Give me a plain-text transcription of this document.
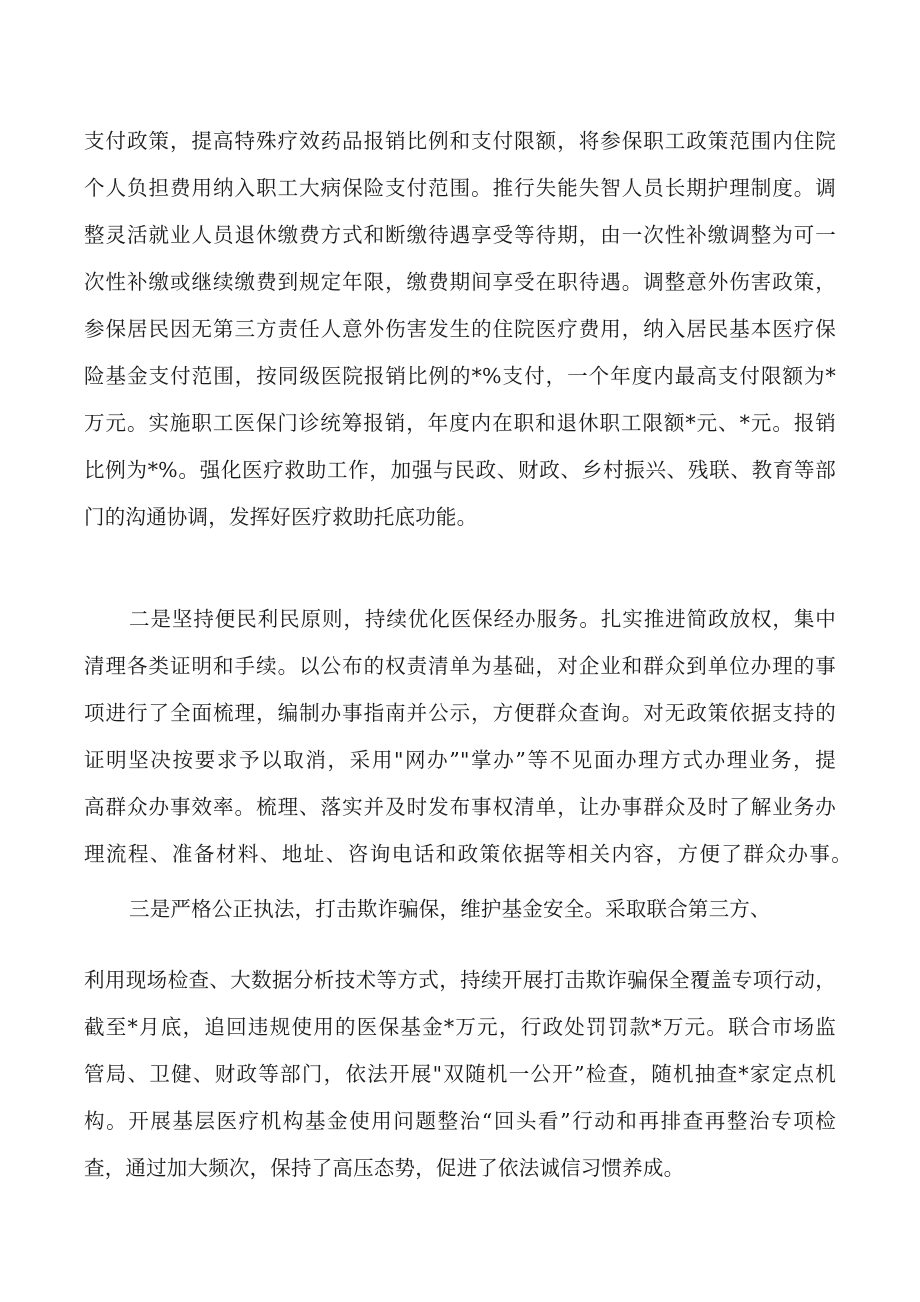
支付政策，提高特殊疗效药品报销比例和支付限额，将参保职工政策范围内住院
个人负担费用纳入职工大病保险支付范围。推行失能失智人员长期护理制度。调
整灵活就业人员退休缴费方式和断缴待遇享受等待期，由一次性补缴调整为可一
次性补缴或继续缴费到规定年限，缴费期间享受在职待遇。调整意外伤害政策，
参保居民因无第三方责任人意外伤害发生的住院医疗费用，纳入居民基本医疗保
险基金支付范围，按同级医院报销比例的*%支付，一个年度内最高支付限额为*
万元。实施职工医保门诊统筹报销，年度内在职和退休职工限额*元、*元。报销
比例为*%。强化医疗救助工作，加强与民政、财政、乡村振兴、残联、教育等部
门的沟通协调，发挥好医疗救助托底功能。
二是坚持便民利民原则，持续优化医保经办服务。扎实推进简政放权，集中
清理各类证明和手续。以公布的权责清单为基础，对企业和群众到单位办理的事
项进行了全面梳理，编制办事指南并公示，方便群众查询。对无政策依据支持的
证明坚决按要求予以取消，采用"网办”"掌办”等不见面办理方式办理业务，提
高群众办事效率。梳理、落实并及时发布事权清单，让办事群众及时了解业务办
理流程、准备材料、地址、咨询电话和政策依据等相关内容，方便了群众办事。
三是严格公正执法，打击欺诈骗保，维护基金安全。采取联合第三方、
利用现场检查、大数据分析技术等方式，持续开展打击欺诈骗保全覆盖专项行动，
截至*月底，追回违规使用的医保基金*万元，行政处罚罚款*万元。联合市场监
管局、卫健、财政等部门，依法开展"双随机一公开”检查，随机抽查*家定点机
构。开展基层医疗机构基金使用问题整治“回头看”行动和再排查再整治专项检
查，通过加大频次，保持了高压态势，促进了依法诚信习惯养成。
